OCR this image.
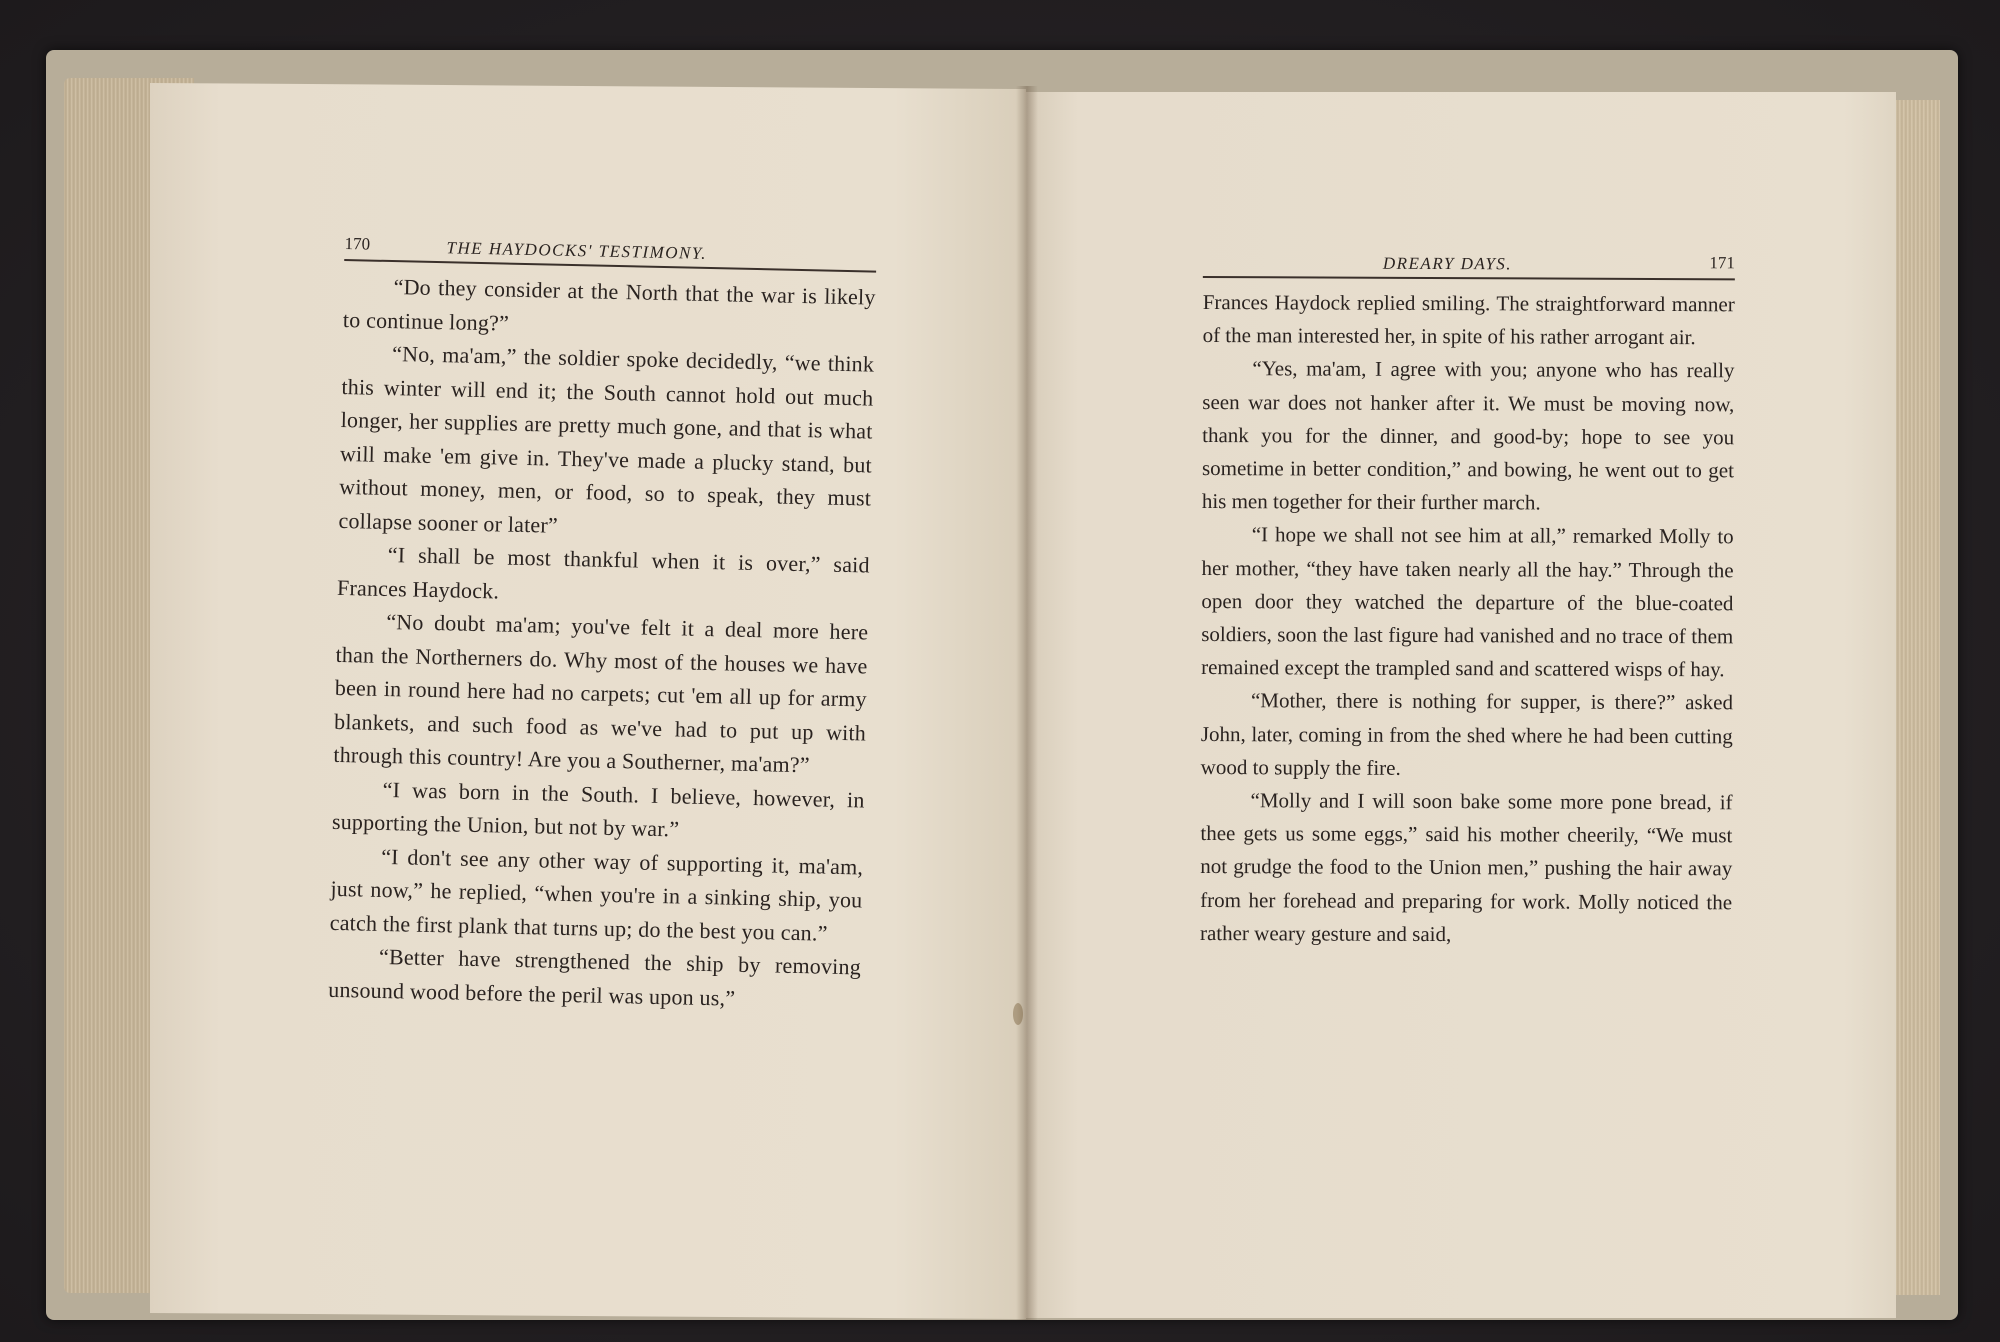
170	THE HAYDOCKS' TESTIMONY.

“Do they consider at the North that the war is likely to continue long?”

“No, ma'am,” the soldier spoke decidedly, “we think this winter will end it; the South cannot hold out much longer, her supplies are pretty much gone, and that is what will make 'em give in. They've made a plucky stand, but without money, men, or food, so to speak, they must collapse sooner or later”

“I shall be most thankful when it is over,” said Frances Haydock.

“No doubt ma'am; you've felt it a deal more here than the Northerners do. Why most of the houses we have been in round here had no carpets; cut 'em all up for army blankets, and such food as we've had to put up with through this country! Are you a Southerner, ma'am?”

“I was born in the South. I believe, however, in supporting the Union, but not by war.”

“I don't see any other way of supporting it, ma'am, just now,” he replied, “when you're in a sinking ship, you catch the first plank that turns up; do the best you can.”

“Better have strengthened the ship by removing unsound wood before the peril was upon us,”

DREARY DAYS.	171

Frances Haydock replied smiling. The straightforward manner of the man interested her, in spite of his rather arrogant air.

“Yes, ma'am, I agree with you; anyone who has really seen war does not hanker after it. We must be moving now, thank you for the dinner, and good-by; hope to see you sometime in better condition,” and bowing, he went out to get his men together for their further march.

“I hope we shall not see him at all,” remarked Molly to her mother, “they have taken nearly all the hay.” Through the open door they watched the departure of the blue-coated soldiers, soon the last figure had vanished and no trace of them remained except the trampled sand and scattered wisps of hay.

“Mother, there is nothing for supper, is there?” asked John, later, coming in from the shed where he had been cutting wood to supply the fire.

“Molly and I will soon bake some more pone bread, if thee gets us some eggs,” said his mother cheerily, “We must not grudge the food to the Union men,” pushing the hair away from her forehead and preparing for work. Molly noticed the rather weary gesture and said,
